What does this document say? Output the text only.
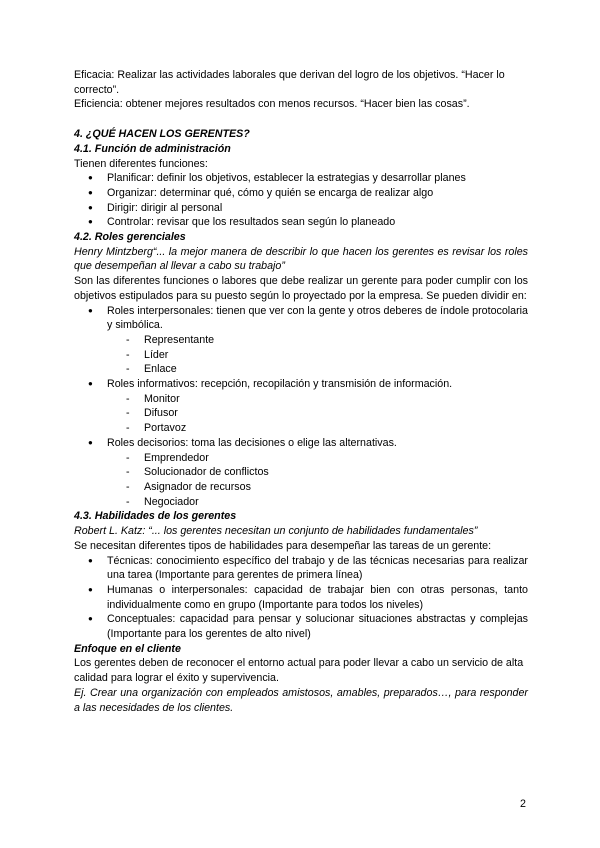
Eficacia: Realizar las actividades laborales que derivan del logro de los objetivos. “Hacer lo correcto”.

Eficiencia: obtener mejores resultados con menos recursos. “Hacer bien las cosas”.

4. ¿QUÉ HACEN LOS GERENTES?
4.1. Función de administración

Tienen diferentes funciones:

● Planificar: definir los objetivos, establecer la estrategias y desarrollar planes
● Organizar: determinar qué, cómo y quién se encarga de realizar algo
● Dirigir: dirigir al personal
● Controlar: revisar que los resultados sean según lo planeado
4.2. Roles gerenciales

Henry Mintzberg“... la mejor manera de describir lo que hacen los gerentes es revisar los roles que desempeñan al llevar a cabo su trabajo”

Son las diferentes funciones o labores que debe realizar un gerente para poder cumplir con los objetivos estipulados para su puesto según lo proyectado por la empresa. Se pueden dividir en:

● Roles interpersonales: tienen que ver con la gente y otros deberes de índole protocolaria y simbólica.
- Representante
- Líder
- Enlace
● Roles informativos: recepción, recopilación y transmisión de información.
- Monitor
- Difusor
- Portavoz
● Roles decisorios: toma las decisiones o elige las alternativas.
- Emprendedor
- Solucionador de conflictos
- Asignador de recursos
- Negociador
4.3. Habilidades de los gerentes

Robert L. Katz: “... los gerentes necesitan un conjunto de habilidades fundamentales”

Se necesitan diferentes tipos de habilidades para desempeñar las tareas de un gerente:

● Técnicas: conocimiento específico del trabajo y de las técnicas necesarias para realizar una tarea (Importante para gerentes de primera línea)
● Humanas o interpersonales: capacidad de trabajar bien con otras personas, tanto individualmente como en grupo (Importante para todos los niveles)
● Conceptuales: capacidad para pensar y solucionar situaciones abstractas y complejas (Importante para los gerentes de alto nivel)
Enfoque en el cliente

Los gerentes deben de reconocer el entorno actual para poder llevar a cabo un servicio de alta calidad para lograr el éxito y supervivencia.

Ej. Crear una organización con empleados amistosos, amables, preparados…, para responder a las necesidades de los clientes.

2
